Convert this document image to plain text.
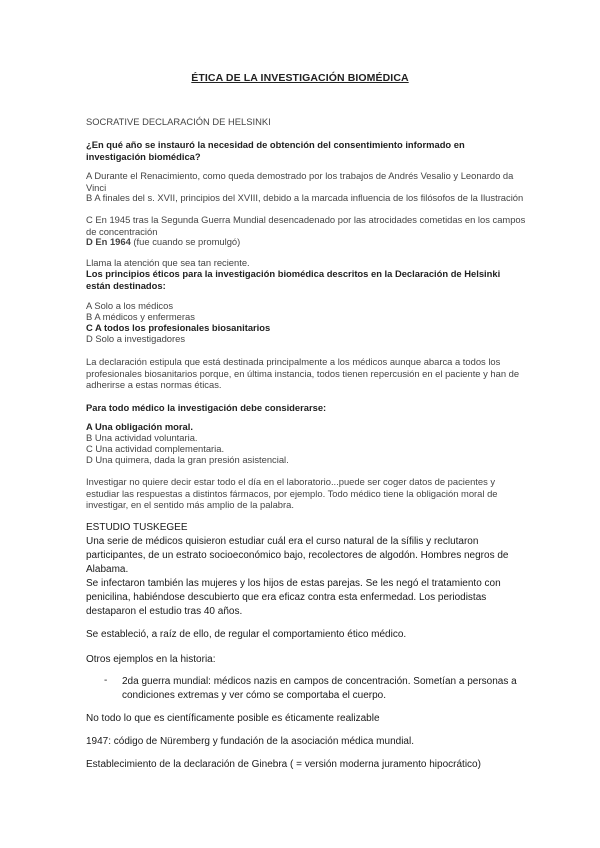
ÉTICA DE LA INVESTIGACIÓN BIOMÉDICA
SOCRATIVE DECLARACIÓN DE HELSINKI
¿En qué año se instauró la necesidad de obtención del consentimiento informado en investigación biomédica?
A Durante el Renacimiento, como queda demostrado por los trabajos de Andrés Vesalio y Leonardo da Vinci
B A finales del s. XVII, principios del XVIII, debido a la marcada influencia de los filósofos de la Ilustración
C En 1945 tras la Segunda Guerra Mundial desencadenado por las atrocidades cometidas en los campos de concentración
D En 1964 (fue cuando se promulgó)
Llama la atención que sea tan reciente.
Los principios éticos para la investigación biomédica descritos en la Declaración de Helsinki están destinados:
A Solo a los médicos
B A médicos y enfermeras
C A todos los profesionales biosanitarios
D Solo a investigadores
La declaración estipula que está destinada principalmente a los médicos aunque abarca a todos los profesionales biosanitarios porque, en última instancia, todos tienen repercusión en el paciente y han de adherirse a estas normas éticas.
Para todo médico la investigación debe considerarse:
A Una obligación moral.
B Una actividad voluntaria.
C Una actividad complementaria.
D Una quimera, dada la gran presión asistencial.
Investigar no quiere decir estar todo el día en el laboratorio...puede ser coger datos de pacientes y estudiar las respuestas a distintos fármacos, por ejemplo. Todo médico tiene la obligación moral de investigar, en el sentido más amplio de la palabra.
ESTUDIO TUSKEGEE
Una serie de médicos quisieron estudiar cuál era el curso natural de la sífilis y reclutaron participantes, de un estrato socioeconómico bajo, recolectores de algodón. Hombres negros de Alabama.
Se infectaron también las mujeres y los hijos de estas parejas. Se les negó el tratamiento con penicilina, habiéndose descubierto que era eficaz contra esta enfermedad. Los periodistas destaparon el estudio tras 40 años.
Se estableció, a raíz de ello, de regular el comportamiento ético médico.
Otros ejemplos en la historia:
- 2da guerra mundial: médicos nazis en campos de concentración. Sometían a personas a condiciones extremas y ver cómo se comportaba el cuerpo.
No todo lo que es científicamente posible es éticamente realizable
1947: código de Nüremberg y fundación de la asociación médica mundial.
Establecimiento de la declaración de Ginebra ( = versión moderna juramento hipocrático)
